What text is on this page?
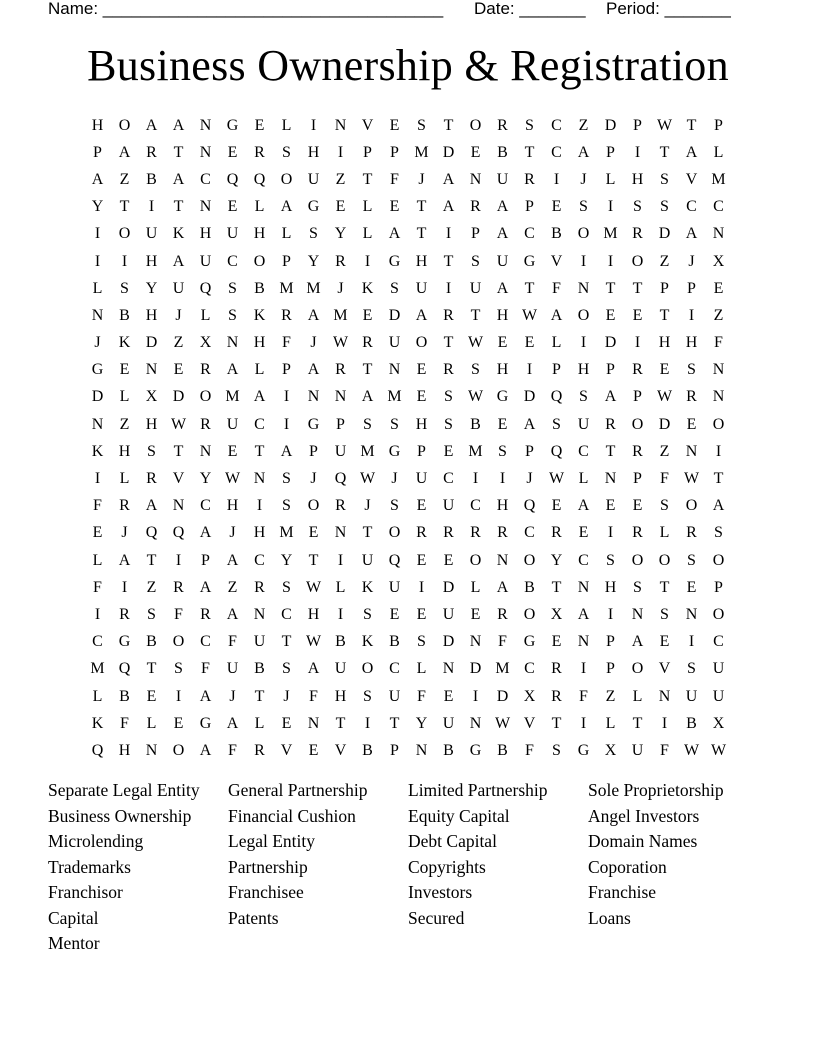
Name: ____________________________________ Date: _______ Period: _______
Business Ownership & Registration
H O A A N G	E	L	I	N V	E	S	T	O R	S	C	Z	D	P W T	P
P	A R	T	N	E	R	S	H	I	P	P M D	E	B	T	C A	P	I	T	A	L
A	Z	B A C Q Q O U	Z	T	F	J	A N U R	I	J	L	H	S	V M
Y	T	I	T	N	E	L	A G	E	L	E	T	A R A	P	E	S	I	S	S	C	C
I	O U K H U H	L	S	Y	L	A	T	I	P	A C	B O M R D A N
I	I	H A U C O	P	Y R	I	G H	T	S	U G V	I	I	O	Z	J	X
L	S	Y U Q	S	B M M	J	K	S	U	I	U A	T	F	N	T	T	P	P	E
N B H	J	L	S	K R A M E	D A R	T	H W A O	E	E	T	I	Z
J	K D	Z	X N H	F	J	W R U O	T W E	E	L	I	D	I	H H	F
G	E	N	E	R A	L	P	A R	T	N	E	R	S	H	I	P	H	P	R	E	S	N
D	L	X D O M A	I	N N A M E	S W G D Q	S	A	P W R N
N	Z	H W R U C	I	G	P	S	S	H	S	B	E	A	S	U R O D	E	O
K H	S	T	N	E	T	A	P	U M G	P	E M S	P	Q C	T	R	Z	N	I
I	L	R V Y W N	S	J	Q W	J	U C	I	I	J	W L	N	P	F W T
F	R A N C H	I	S	O R	J	S	E	U C H Q	E	A	E	E	S	O A
E	J	Q Q A	J	H M E	N	T	O R	R	R	R	C	R	E	I	R	L	R	S
L	A	T	I	P	A C Y	T	I	U Q	E	E	O N O Y C	S	O O	S	O
F	I	Z	R A	Z	R	S W L	K U	I	D	L	A B	T	N H	S	T	E	P
I	R	S	F	R A N C H	I	S	E	E	U	E	R O X A	I	N	S	N O
C G B O C	F	U	T W B K B	S	D N	F	G	E	N	P	A	E	I	C
M Q	T	S	F	U B	S	A U O C	L	N D M C	R	I	P	O V	S	U
L	B	E	I	A	J	T	J	F	H	S	U	F	E	I	D X R	F	Z	L	N U U
K	F	L	E	G A	L	E	N	T	I	T	Y U N W V	T	I	L	T	I	B X
Q H N O A	F	R V	E	V B	P	N B G B	F	S	G X U	F W W
Separate Legal Entity	General Partnership	Limited Partnership	Sole Proprietorship
Business Ownership	Financial Cushion	Equity Capital	Angel Investors
Microlending	Legal Entity	Debt Capital	Domain Names
Trademarks	Partnership	Copyrights	Coporation
Franchisor	Franchisee	Investors	Franchise
Capital	Patents	Secured	Loans
Mentor
